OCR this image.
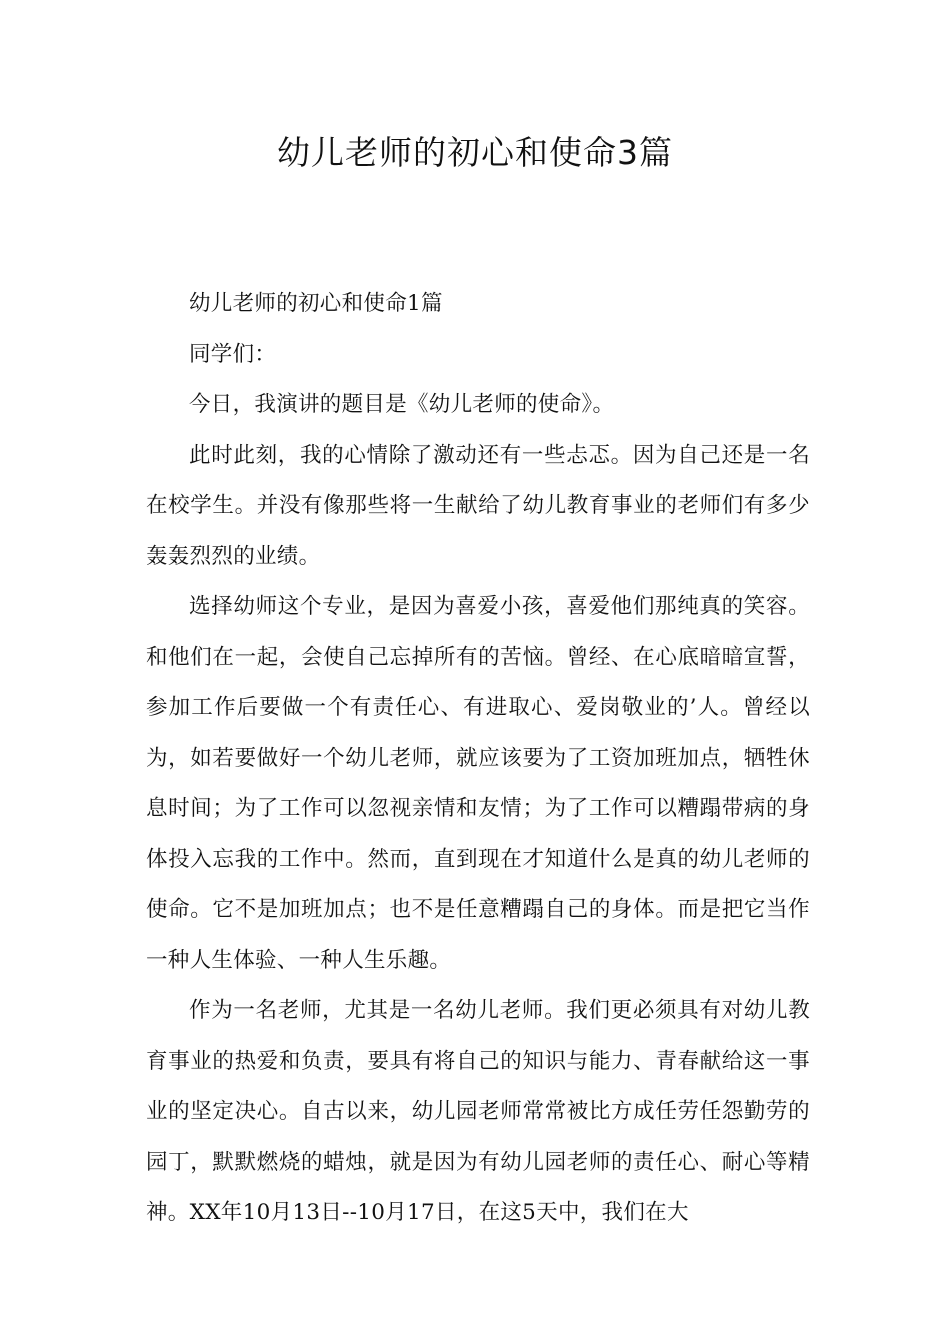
幼儿老师的初心和使命3篇

幼儿老师的初心和使命1篇

同学们：

今日，我演讲的题目是《幼儿老师的使命》。

此时此刻，我的心情除了激动还有一些忐忑。因为自己还是一名在校学生。并没有像那些将一生献给了幼儿教育事业的老师们有多少轰轰烈烈的业绩。

选择幼师这个专业，是因为喜爱小孩，喜爱他们那纯真的笑容。和他们在一起，会使自己忘掉所有的苦恼。曾经、在心底暗暗宣誓，参加工作后要做一个有责任心、有进取心、爱岗敬业的’人。曾经以为，如若要做好一个幼儿老师，就应该要为了工资加班加点，牺牲休息时间；为了工作可以忽视亲情和友情；为了工作可以糟蹋带病的身体投入忘我的工作中。然而，直到现在才知道什么是真的幼儿老师的使命。它不是加班加点；也不是任意糟蹋自己的身体。而是把它当作一种人生体验、一种人生乐趣。

作为一名老师，尤其是一名幼儿老师。我们更必须具有对幼儿教育事业的热爱和负责，要具有将自己的知识与能力、青春献给这一事业的坚定决心。自古以来，幼儿园老师常常被比方成任劳任怨勤劳的园丁，默默燃烧的蜡烛，就是因为有幼儿园老师的责任心、耐心等精神。XX年10月13日--10月17日，在这5天中，我们在大
